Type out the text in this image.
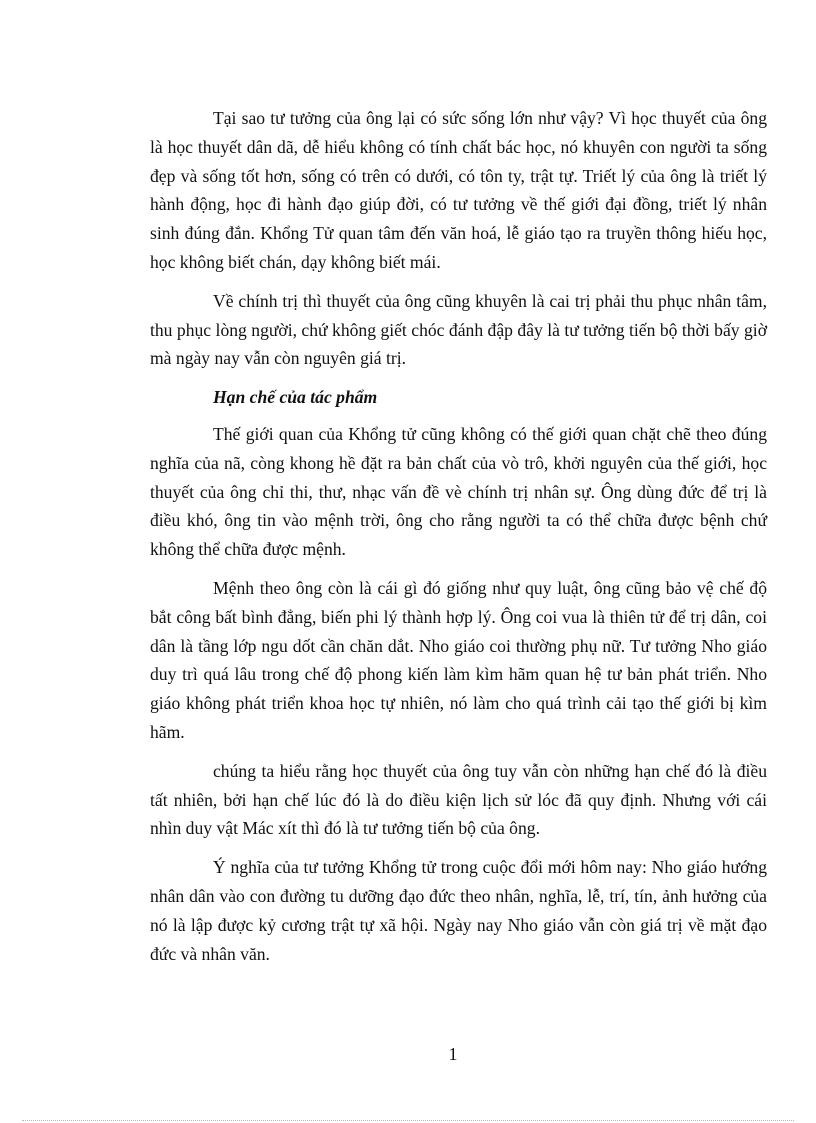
Tại sao tư tưởng của ông lại có sức sống lớn như vậy? Vì học thuyết của ông là học thuyết dân dã, dễ hiểu không có tính chất bác học, nó khuyên con người ta sống đẹp và sống tốt hơn, sống có trên có dưới, có tôn ty, trật tự. Triết lý của ông là triết lý hành động, học đi hành đạo giúp đời, có tư tưởng về thế giới đại đồng, triết lý nhân sinh đúng đắn. Khổng Tử quan tâm đến văn hoá, lễ giáo tạo ra truyền thông hiếu học, học không biết chán, dạy không biết mái.

Về chính trị thì thuyết của ông cũng khuyên là cai trị phải thu phục nhân tâm, thu phục lòng người, chứ không giết chóc đánh đập đây là tư tưởng tiến bộ thời bấy giờ mà ngày nay vẫn còn nguyên giá trị.

Hạn chế của tác phẩm

Thế giới quan của Khổng tử cũng không có thế giới quan chặt chẽ theo đúng nghĩa của nã, còng khong hề đặt ra bản chất của vò trô, khởi nguyên của thế giới, học thuyết của ông chỉ thi, thư, nhạc vấn đề vè chính trị nhân sự. Ông dùng đức để trị là điều khó, ông tin vào mệnh trời, ông cho rằng người ta có thể chữa được bệnh chứ không thể chữa được mệnh.

Mệnh theo ông còn là cái gì đó giống như quy luật, ông cũng bảo vệ chế độ bắt công bất bình đẳng, biến phi lý thành hợp lý. Ông coi vua là thiên tử để trị dân, coi dân là tầng lớp ngu dốt cần chăn dắt. Nho giáo coi thường phụ nữ. Tư tưởng Nho giáo duy trì quá lâu trong chế độ phong kiến làm kìm hãm quan hệ tư bản phát triển. Nho giáo không phát triển khoa học tự nhiên, nó làm cho quá trình cải tạo thế giới bị kìm hãm.

chúng ta hiểu rằng học thuyết của ông tuy vẫn còn những hạn chế đó là điều tất nhiên, bởi hạn chế lúc đó là do điều kiện lịch sử lóc đã quy định. Nhưng với cái nhìn duy vật Mác xít thì đó là tư tưởng tiến bộ của ông.

Ý nghĩa của tư tưởng Khổng tử trong cuộc đổi mới hôm nay: Nho giáo hướng nhân dân vào con đường tu dưỡng đạo đức theo nhân, nghĩa, lễ, trí, tín, ảnh hưởng của nó là lập được kỷ cương trật tự xã hội. Ngày nay Nho giáo vẫn còn giá trị về mặt đạo đức và nhân văn.

1
